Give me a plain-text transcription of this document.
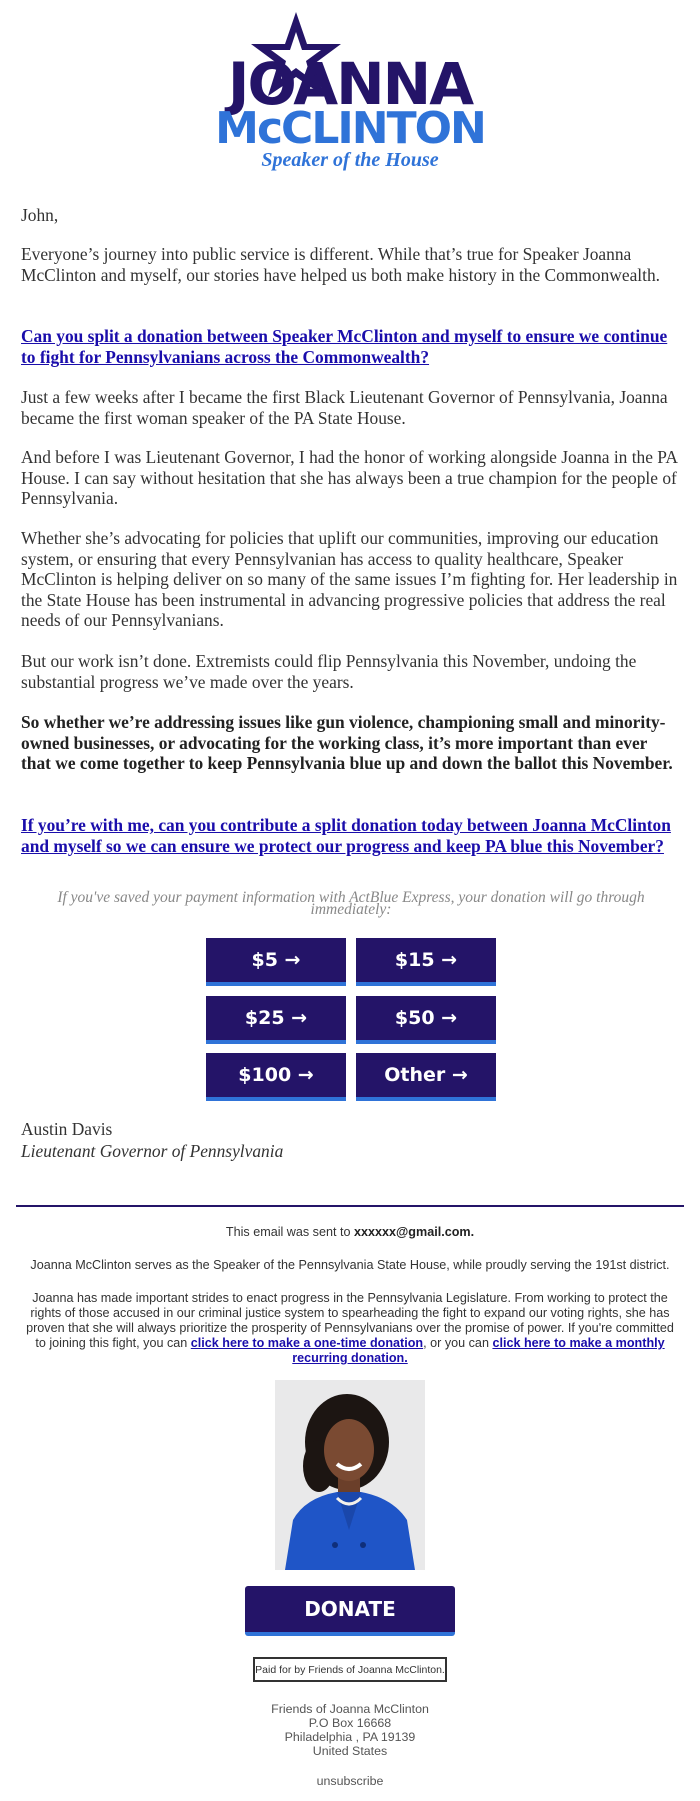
JOANNA
McCLINTON
Speaker of the House

John,

Everyone’s journey into public service is different. While that’s true for Speaker Joanna McClinton and myself, our stories have helped us both make history in the Commonwealth.

Can you split a donation between Speaker McClinton and myself to ensure we continue to fight for Pennsylvanians across the Commonwealth?

Just a few weeks after I became the first Black Lieutenant Governor of Pennsylvania, Joanna became the first woman speaker of the PA State House.

And before I was Lieutenant Governor, I had the honor of working alongside Joanna in the PA House. I can say without hesitation that she has always been a true champion for the people of Pennsylvania.

Whether she’s advocating for policies that uplift our communities, improving our education system, or ensuring that every Pennsylvanian has access to quality healthcare, Speaker McClinton is helping deliver on so many of the same issues I’m fighting for. Her leadership in the State House has been instrumental in advancing progressive policies that address the real needs of our Pennsylvanians.

But our work isn’t done. Extremists could flip Pennsylvania this November, undoing the substantial progress we’ve made over the years.

So whether we’re addressing issues like gun violence, championing small and minority-owned businesses, or advocating for the working class, it’s more important than ever that we come together to keep Pennsylvania blue up and down the ballot this November.

If you’re with me, can you contribute a split donation today between Joanna McClinton and myself so we can ensure we protect our progress and keep PA blue this November?

If you've saved your payment information with ActBlue Express, your donation will go through immediately:
$5 →	$15 →
$25 →	$50 →
$100 →	Other →
Austin Davis
Lieutenant Governor of Pennsylvania
This email was sent to xxxxxx@gmail.com.
Joanna McClinton serves as the Speaker of the Pennsylvania State House, while proudly serving the 191st district.
Joanna has made important strides to enact progress in the Pennsylvania Legislature. From working to protect the rights of those accused in our criminal justice system to spearheading the fight to expand our voting rights, she has proven that she will always prioritize the prosperity of Pennsylvanians over the promise of power. If you're committed to joining this fight, you can click here to make a one-time donation, or you can click here to make a monthly recurring donation.
DONATE
Paid for by Friends of Joanna McClinton.
Friends of Joanna McClinton
P.O Box 16668
Philadelphia , PA 19139
United States
unsubscribe
